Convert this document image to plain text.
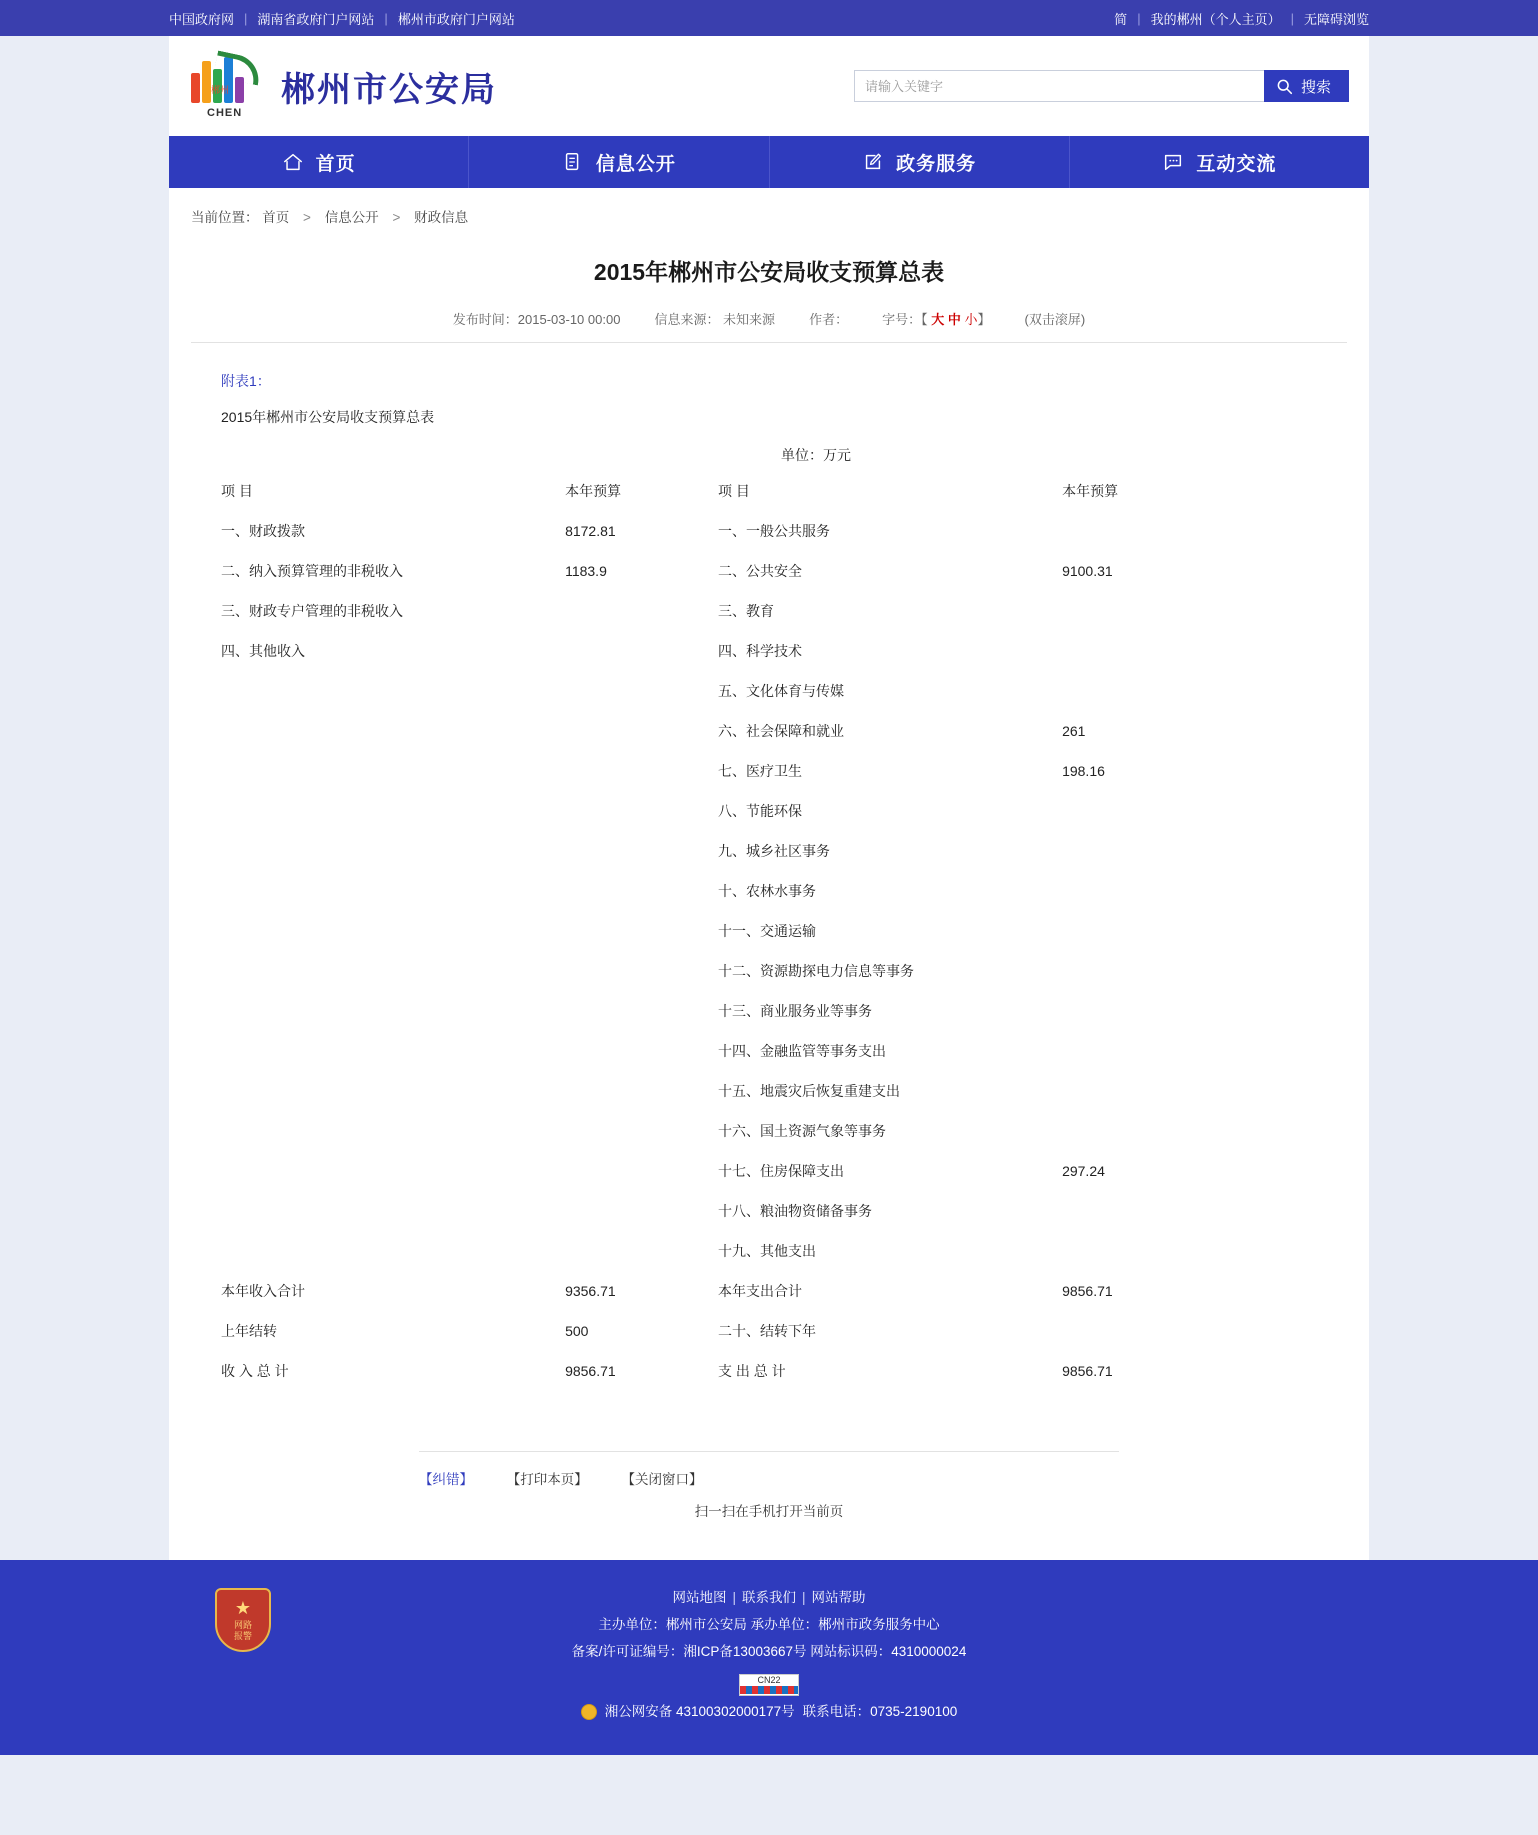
中国政府网 | 湖南省政府门户网站 | 郴州市政府门户网站	简 | 我的郴州（个人主页） | 无障碍浏览
郴州
CHEN
郴州市公安局
请输入关键字	搜索
首页	信息公开	政务服务	互动交流
当前位置： 首页 > 信息公开 > 财政信息
2015年郴州市公安局收支预算总表
发布时间：2015-03-10 00:00	信息来源： 未知来源	作者：	字号：【 大 中 小】	(双击滚屏)
附表1：
2015年郴州市公安局收支预算总表
单位：万元
项 目	本年预算	项 目	本年预算
一、财政拨款	8172.81	一、一般公共服务	
二、纳入预算管理的非税收入	1183.9	二、公共安全	9100.31
三、财政专户管理的非税收入		三、教育	
四、其他收入		四、科学技术	
		五、文化体育与传媒	
		六、社会保障和就业	261
		七、医疗卫生	198.16
		八、节能环保	
		九、城乡社区事务	
		十、农林水事务	
		十一、交通运输	
		十二、资源勘探电力信息等事务	
		十三、商业服务业等事务	
		十四、金融监管等事务支出	
		十五、地震灾后恢复重建支出	
		十六、国土资源气象等事务	
		十七、住房保障支出	297.24
		十八、粮油物资储备事务	
		十九、其他支出	
本年收入合计	9356.71	本年支出合计	9856.71
上年结转	500	二十、结转下年	
收 入 总 计	9856.71	支 出 总 计	9856.71
【纠错】	【打印本页】	【关闭窗口】
扫一扫在手机打开当前页
★
网路
报警
网站地图 | 联系我们 | 网站帮助
主办单位：郴州市公安局 承办单位：郴州市政务服务中心
备案/许可证编号：湘ICP备13003667号 网站标识码：4310000024
CN22
湘公网安备 43100302000177号 联系电话：0735-2190100
